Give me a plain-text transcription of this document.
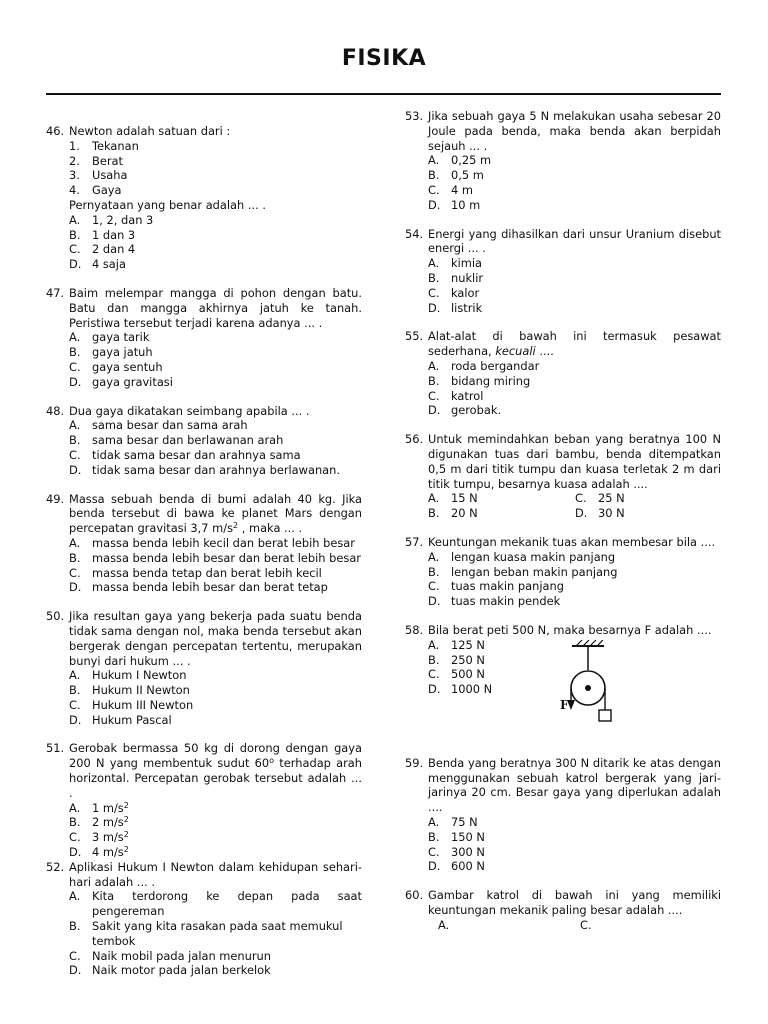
FISIKA
46. Newton adalah satuan dari :
1. Tekanan
2. Berat
3. Usaha
4. Gaya
Pernyataan yang benar adalah ... .
A. 1, 2, dan 3
B. 1 dan 3
C. 2 dan 4
D. 4 saja
47. Baim melempar mangga di pohon dengan batu. Batu dan mangga akhirnya jatuh ke tanah. Peristiwa tersebut terjadi karena adanya ... .
A. gaya tarik
B. gaya jatuh
C. gaya sentuh
D. gaya gravitasi
48. Dua gaya dikatakan seimbang apabila ... .
A. sama besar dan sama arah
B. sama besar dan berlawanan arah
C. tidak sama besar dan arahnya sama
D. tidak sama besar dan arahnya berlawanan.
49. Massa sebuah benda di bumi adalah 40 kg. Jika benda tersebut di bawa ke planet Mars dengan percepatan gravitasi 3,7 $m/s^2$ , maka ... .
A. massa benda lebih kecil dan berat lebih besar
B. massa benda lebih besar dan berat lebih besar
C. massa benda tetap dan berat lebih kecil
D. massa benda lebih besar dan berat tetap
50. Jika resultan gaya yang bekerja pada suatu benda tidak sama dengan nol, maka benda tersebut akan bergerak dengan percepatan tertentu, merupakan bunyi dari hukum ... .
A. Hukum I Newton
B. Hukum II Newton
C. Hukum III Newton
D. Hukum Pascal
51. Gerobak bermassa 50 kg di dorong dengan gaya 200 N yang membentuk sudut 60$^o$ terhadap arah horizontal. Percepatan gerobak tersebut adalah ... .
A. 1 $m/s^2$
B. 2 $m/s^2$
C. 3 $m/s^2$
D. 4 $m/s^2$
52. Aplikasi Hukum I Newton dalam kehidupan sehari-hari adalah ... .
A. Kita terdorong ke depan pada saat pengereman
B. Sakit yang kita rasakan pada saat memukul tembok
C. Naik mobil pada jalan menurun
D. Naik motor pada jalan berkelok
53. Jika sebuah gaya 5 N melakukan usaha sebesar 20 Joule pada benda, maka benda akan berpidah sejauh ... .
A. 0,25 m
B. 0,5 m
C. 4 m
D. 10 m
54. Energi yang dihasilkan dari unsur Uranium disebut energi ... .
A. kimia
B. nuklir
C. kalor
D. listrik
55. Alat-alat di bawah ini termasuk pesawat sederhana, kecuali ....
A. roda bergandar
B. bidang miring
C. katrol
D. gerobak.
56. Untuk memindahkan beban yang beratnya 100 N digunakan tuas dari bambu, benda ditempatkan 0,5 m dari titik tumpu dan kuasa terletak 2 m dari titik tumpu, besarnya kuasa adalah ....
A. 15 N	C. 25 N
B. 20 N	D. 30 N
57. Keuntungan mekanik tuas akan membesar bila ....
A. lengan kuasa makin panjang
B. lengan beban makin panjang
C. tuas makin panjang
D. tuas makin pendek
58. Bila berat peti 500 N, maka besarnya F adalah ....
A. 125 N
B. 250 N
C. 500 N
D. 1000 N
59. Benda yang beratnya 300 N ditarik ke atas dengan menggunakan sebuah katrol bergerak yang jari-jarinya 20 cm. Besar gaya yang diperlukan adalah ....
A. 75 N
B. 150 N
C. 300 N
D. 600 N
60. Gambar katrol di bawah ini yang memiliki keuntungan mekanik paling besar adalah ....
A.	C.
F
